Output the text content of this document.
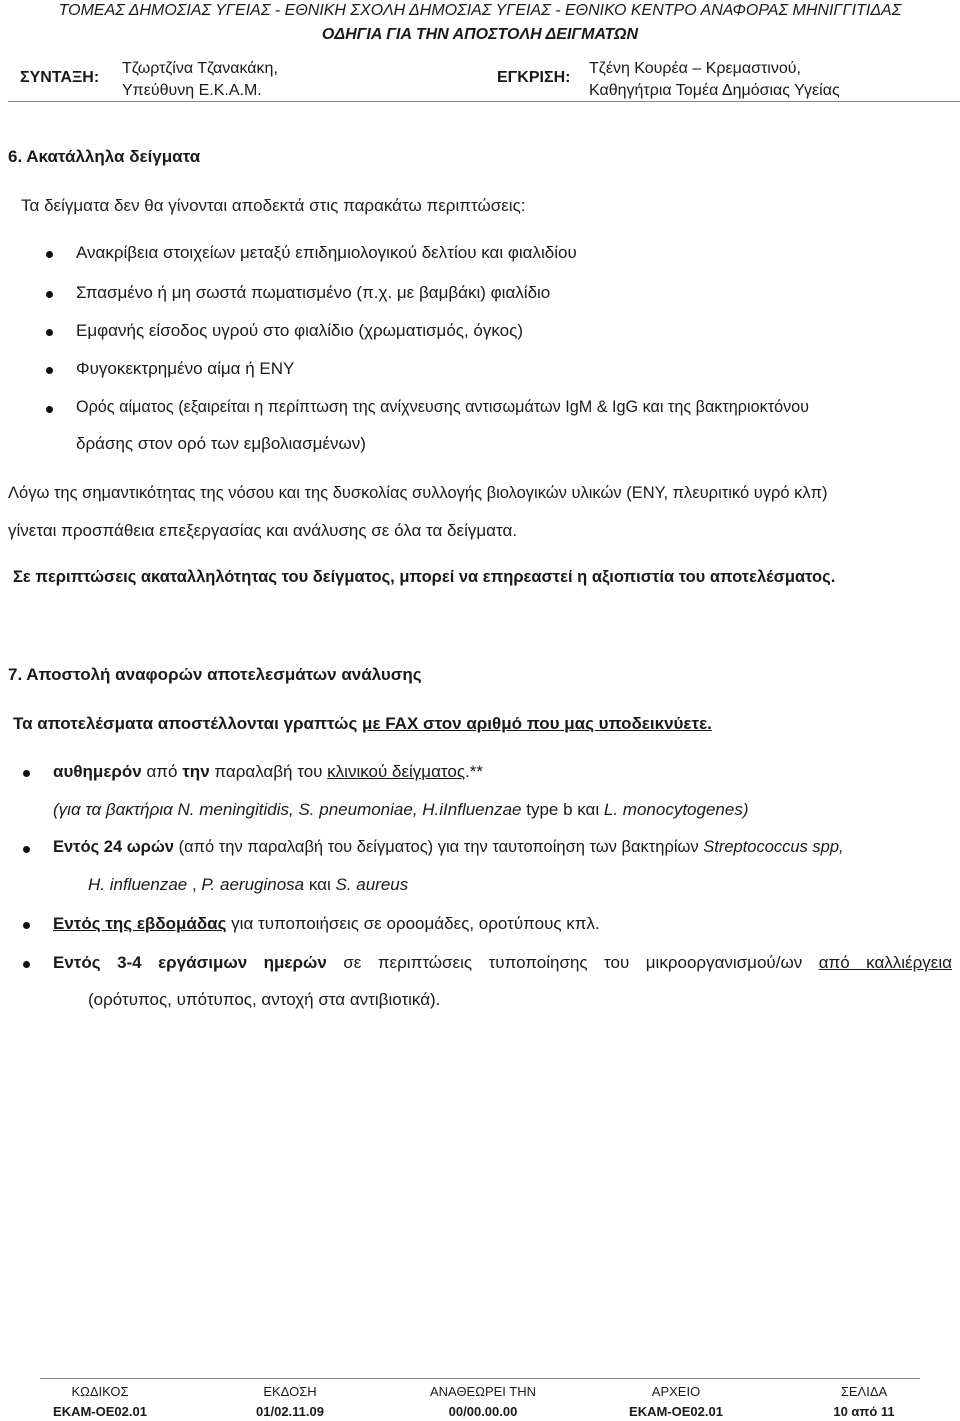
ΤΟΜΕΑΣ ΔΗΜΟΣΙΑΣ ΥΓΕΙΑΣ - ΕΘΝΙΚΗ ΣΧΟΛΗ ΔΗΜΟΣΙΑΣ ΥΓΕΙΑΣ - ΕΘΝΙΚΟ ΚΕΝΤΡΟ ΑΝΑΦΟΡΑΣ ΜΗΝΙΓΓΙΤΙΔΑΣ
ΟΔΗΓΙΑ ΓΙΑ ΤΗΝ ΑΠΟΣΤΟΛΗ ΔΕΙΓΜΑΤΩΝ
ΣΥΝΤΑΞΗ:
Τζωρτζίνα Τζανακάκη,
Υπεύθυνη Ε.Κ.Α.Μ.
ΕΓΚΡΙΣΗ:
Τζένη Κουρέα – Κρεμαστινού,
Καθηγήτρια Τομέα Δημόσιας Υγείας
6. Ακατάλληλα δείγματα
Τα δείγματα δεν θα γίνονται αποδεκτά στις παρακάτω περιπτώσεις:
Ανακρίβεια στοιχείων μεταξύ επιδημιολογικού δελτίου και φιαλιδίου
Σπασμένο ή μη σωστά πωματισμένο (π.χ. με βαμβάκι) φιαλίδιο
Εμφανής είσοδος υγρού στο φιαλίδιο (χρωματισμός, όγκος)
Φυγοκεκτρημένο αίμα ή ΕΝΥ
Ορός αίματος (εξαιρείται η περίπτωση της ανίχνευσης αντισωμάτων IgM & IgG και της βακτηριοκτόνου
δράσης στον ορό των εμβολιασμένων)
Λόγω της σημαντικότητας της νόσου και της δυσκολίας συλλογής βιολογικών υλικών (ΕΝΥ, πλευριτικό υγρό κλπ)
γίνεται προσπάθεια επεξεργασίας και ανάλυσης σε όλα τα δείγματα.
Σε περιπτώσεις ακαταλληλότητας του δείγματος, μπορεί να επηρεαστεί η αξιοπιστία του αποτελέσματος.
7. Αποστολή αναφορών αποτελεσμάτων ανάλυσης
Τα αποτελέσματα αποστέλλονται γραπτώς με FAX στον αριθμό που μας υποδεικνύετε.
αυθημερόν από την παραλαβή του κλινικού δείγματος.**
(για τα βακτήρια N. meningitidis, S. pneumoniae, H.iInfluenzae type b και L. monocytogenes)
Εντός 24 ωρών (από την παραλαβή του δείγματος) για την ταυτοποίηση των βακτηρίων Streptococcus spp,
H. influenzae , P. aeruginosa και S. aureus
Εντός της εβδομάδας για τυποποιήσεις σε οροομάδες, οροτύπους κπλ.
Εντός 3-4 εργάσιμων ημερών σε περιπτώσεις τυποποίησης του μικροοργανισμού/ων από καλλιέργεια
(ορότυπος, υπότυπος, αντοχή στα αντιβιοτικά).
ΚΩΔΙΚΟΣ	ΕΚΔΟΣΗ	ΑΝΑΘΕΩΡΕΙ ΤΗΝ	ΑΡΧΕΙΟ	ΣΕΛΙΔΑ
ΕΚΑΜ-ΟΕ02.01	01/02.11.09	00/00.00.00	ΕΚΑΜ-ΟΕ02.01	10 από 11
